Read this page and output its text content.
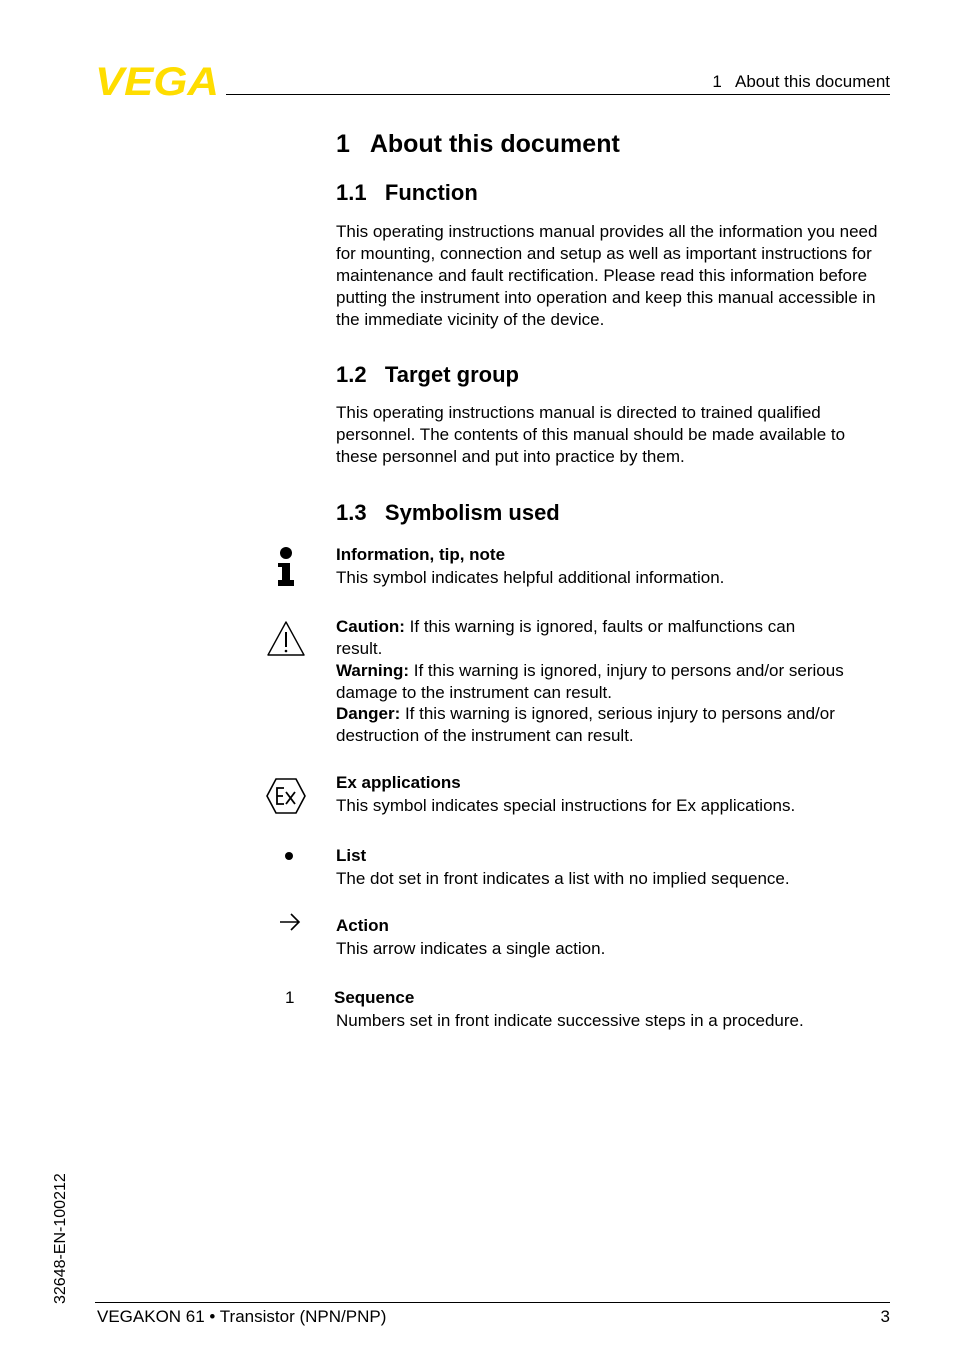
VEGA	1   About this document
1   About this document
1.1   Function

This operating instructions manual provides all the information you need for mounting, connection and setup as well as important instructions for maintenance and fault rectification. Please read this information before putting the instrument into operation and keep this manual accessible in the immediate vicinity of the device.

1.2   Target group

This operating instructions manual is directed to trained qualified personnel. The contents of this manual should be made available to these personnel and put into practice by them.

1.3   Symbolism used
Information, tip, note
This symbol indicates helpful additional information.
Caution: If this warning is ignored, faults or malfunctions can result.
Warning: If this warning is ignored, injury to persons and/or serious damage to the instrument can result.
Danger: If this warning is ignored, serious injury to persons and/or destruction of the instrument can result.
Ex applications
This symbol indicates special instructions for Ex applications.
List
The dot set in front indicates a list with no implied sequence.
Action
This arrow indicates a single action.
1 Sequence
Numbers set in front indicate successive steps in a procedure.
32648-EN-100212
VEGAKON 61 • Transistor (NPN/PNP)	3
